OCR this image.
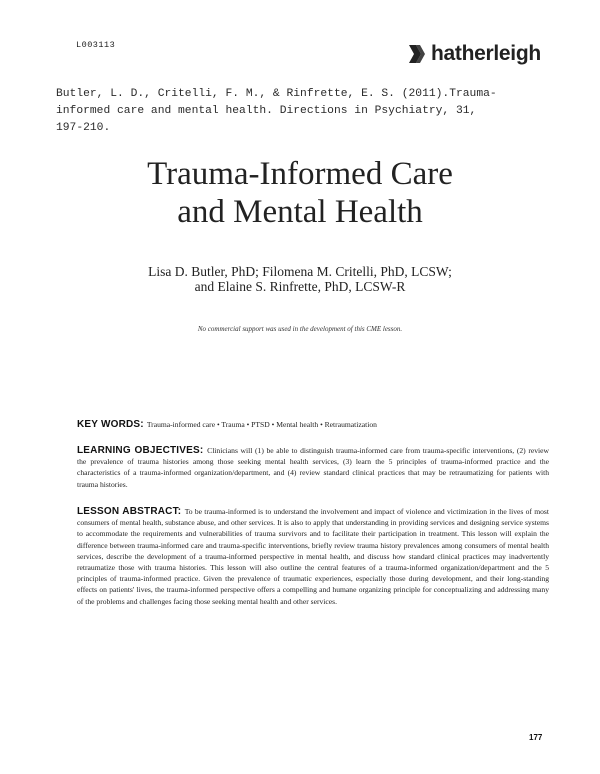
L003113	hatherleigh
Butler, L. D., Critelli, F. M., & Rinfrette, E. S. (2011).Trauma-
informed care and mental health. Directions in Psychiatry, 31,
197-210.
Trauma-Informed Care
and Mental Health
Lisa D. Butler, PhD; Filomena M. Critelli, PhD, LCSW;
and Elaine S. Rinfrette, PhD, LCSW-R
No commercial support was used in the development of this CME lesson.
KEY WORDS: Trauma-informed care • Trauma • PTSD • Mental health • Retraumatization
LEARNING OBJECTIVES: Clinicians will (1) be able to distinguish trauma-informed care from trauma-specific interventions, (2) review the prevalence of trauma histories among those seeking mental health services, (3) learn the 5 principles of trauma-informed practice and the characteristics of a trauma-informed organization/department, and (4) review standard clinical practices that may be retraumatizing for patients with trauma histories.
LESSON ABSTRACT: To be trauma-informed is to understand the involvement and impact of violence and victimization in the lives of most consumers of mental health, substance abuse, and other services. It is also to apply that understanding in providing services and designing service systems to accommodate the requirements and vulnerabilities of trauma survivors and to facilitate their participation in treatment. This lesson will explain the difference between trauma-informed care and trauma-specific interventions, briefly review trauma history prevalences among consumers of mental health services, describe the development of a trauma-informed perspective in mental health, and discuss how standard clinical practices may inadvertently retraumatize those with trauma histories. This lesson will also outline the central features of a trauma-informed organization/department and the 5 principles of trauma-informed practice. Given the prevalence of traumatic experiences, especially those during development, and their long-standing effects on patients' lives, the trauma-informed perspective offers a compelling and humane organizing principle for conceptualizing and addressing many of the problems and challenges facing those seeking mental health and other services.
177
